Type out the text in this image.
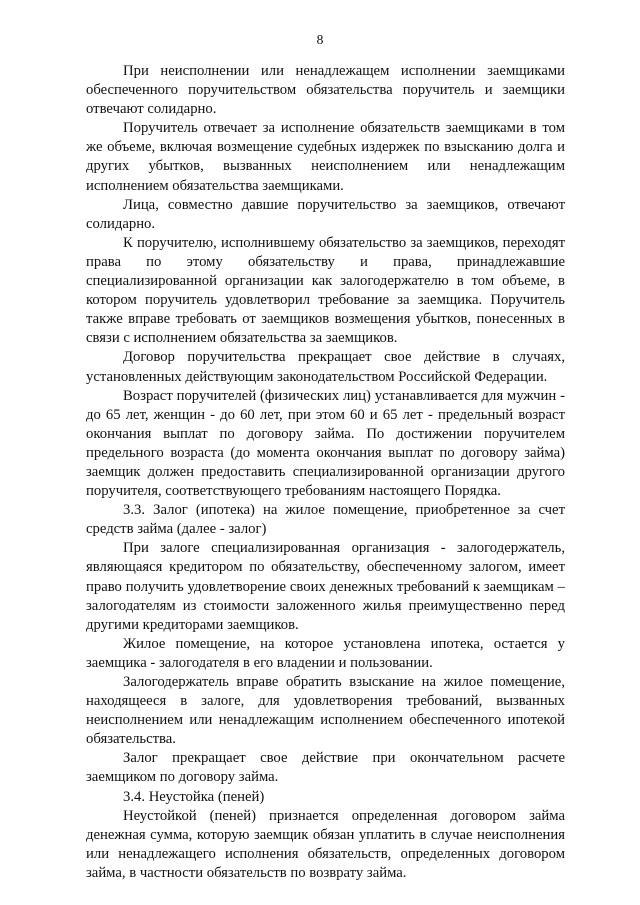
8

При неисполнении или ненадлежащем исполнении заемщиками обеспеченного поручительством обязательства поручитель и заемщики отвечают солидарно.

Поручитель отвечает за исполнение обязательств заемщиками в том же объеме, включая возмещение судебных издержек по взысканию долга и других убытков, вызванных неисполнением или ненадлежащим исполнением обязательства заемщиками.

Лица, совместно давшие поручительство за заемщиков, отвечают солидарно.

К поручителю, исполнившему обязательство за заемщиков, переходят права по этому обязательству и права, принадлежавшие специализированной организации как залогодержателю в том объеме, в котором поручитель удовлетворил требование за заемщика. Поручитель также вправе требовать от заемщиков возмещения убытков, понесенных в связи с исполнением обязательства за заемщиков.

Договор поручительства прекращает свое действие в случаях, установленных действующим законодательством Российской Федерации.

Возраст поручителей (физических лиц) устанавливается для мужчин - до 65 лет, женщин - до 60 лет, при этом 60 и 65 лет - предельный возраст окончания выплат по договору займа. По достижении поручителем предельного возраста (до момента окончания выплат по договору займа) заемщик должен предоставить специализированной организации другого поручителя, соответствующего требованиям настоящего Порядка.

3.3. Залог (ипотека) на жилое помещение, приобретенное за счет средств займа (далее - залог)

При залоге специализированная организация - залогодержатель, являющаяся кредитором по обязательству, обеспеченному залогом, имеет право получить удовлетворение своих денежных требований к заемщикам – залогодателям из стоимости заложенного жилья преимущественно перед другими кредиторами заемщиков.

Жилое помещение, на которое установлена ипотека, остается у заемщика - залогодателя в его владении и пользовании.

Залогодержатель вправе обратить взыскание на жилое помещение, находящееся в залоге, для удовлетворения требований, вызванных неисполнением или ненадлежащим исполнением обеспеченного ипотекой обязательства.

Залог прекращает свое действие при окончательном расчете заемщиком по договору займа.

3.4. Неустойка (пеней)

Неустойкой (пеней) признается определенная договором займа денежная сумма, которую заемщик обязан уплатить в случае неисполнения или ненадлежащего исполнения обязательств, определенных договором займа, в частности обязательств по возврату займа.
